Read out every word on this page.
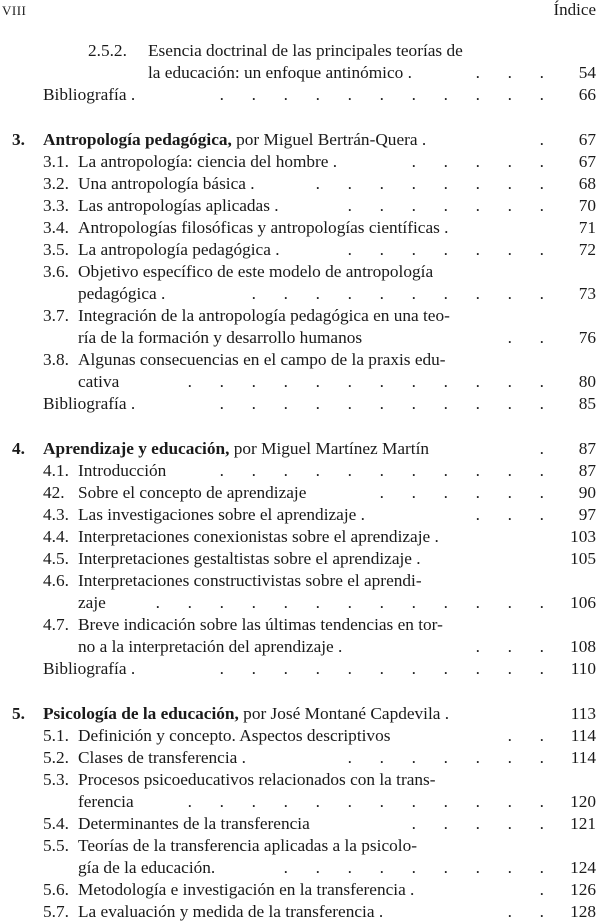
VIII	Índice
2.5.2. Esencia doctrinal de las principales teorías de
la educación: un enfoque antinómico .	. . . 54
Bibliografía .	. . . . . . . . . . . 66
3. Antropología pedagógica, por Miguel Bertrán-Quera .	. 67
3.1. La antropología: ciencia del hombre .	. . . . . 67
3.2. Una antropología básica .	. . . . . . . . 68
3.3. Las antropologías aplicadas .	. . . . . . . 70
3.4. Antropologías filosóficas y antropologías científicas .	71
3.5. La antropología pedagógica .	. . . . . . . 72
3.6. Objetivo específico de este modelo de antropología
pedagógica .	. . . . . . . . . . 73
3.7. Integración de la antropología pedagógica en una teo-
ría de la formación y desarrollo humanos	. . 76
3.8. Algunas consecuencias en el campo de la praxis edu-
cativa	. . . . . . . . . . . . 80
Bibliografía .	. . . . . . . . . . . 85
4. Aprendizaje y educación, por Miguel Martínez Martín	. 87
4.1. Introducción	. . . . . . . . . . . 87
42. Sobre el concepto de aprendizaje	. . . . . . 90
4.3. Las investigaciones sobre el aprendizaje .	. . . 97
4.4. Interpretaciones conexionistas sobre el aprendizaje .	103
4.5. Interpretaciones gestaltistas sobre el aprendizaje .	105
4.6. Interpretaciones constructivistas sobre el aprendi-
zaje	. . . . . . . . . . . . . 106
4.7. Breve indicación sobre las últimas tendencias en tor-
no a la interpretación del aprendizaje .	. . . 108
Bibliografía .	. . . . . . . . . . . 110
5. Psicología de la educación, por José Montané Capdevila .	113
5.1. Definición y concepto. Aspectos descriptivos	. . 114
5.2. Clases de transferencia .	. . . . . . . 114
5.3. Procesos psicoeducativos relacionados con la trans-
ferencia	. . . . . . . . . . . . 120
5.4. Determinantes de la transferencia	. . . . . 121
5.5. Teorías de la transferencia aplicadas a la psicolo-
gía de la educación.	. . . . . . . . . 124
5.6. Metodología e investigación en la transferencia .	. 126
5.7. La evaluación y medida de la transferencia .	. . 128
